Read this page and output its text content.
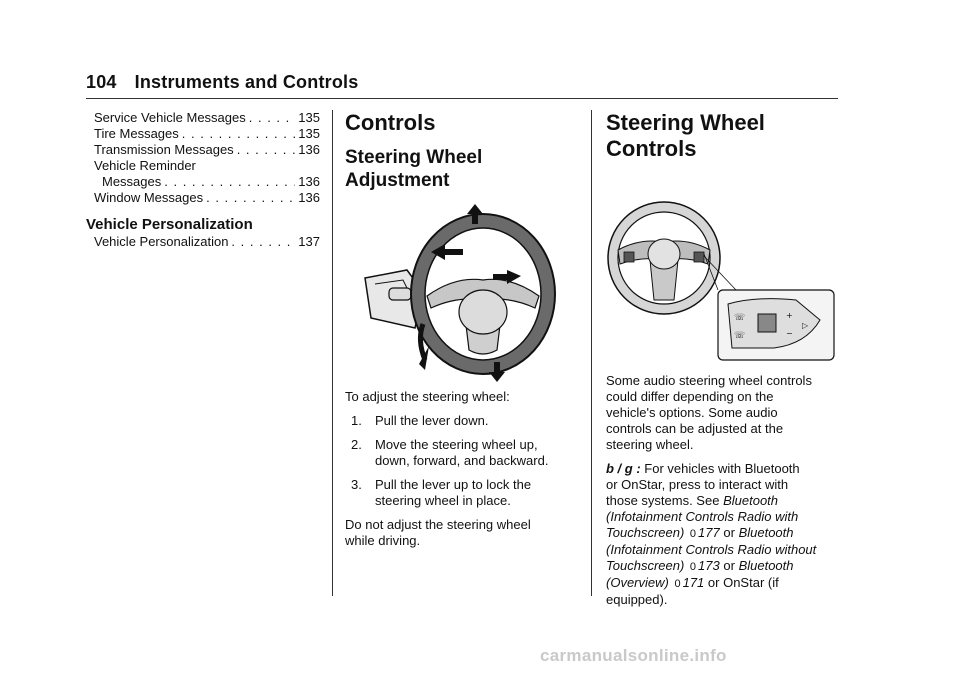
104 Instruments and Controls
Service Vehicle Messages . . .	135
Tire Messages . . .	135
Transmission Messages . . .	136
Vehicle Reminder
Messages . . .	136
Window Messages . . .	136
Vehicle Personalization
Vehicle Personalization . . .	137
Controls
Steering Wheel
Adjustment

To adjust the steering wheel:

1.	Pull the lever down.
2.	Move the steering wheel up,
down, forward, and backward.
3.	Pull the lever up to lock the
steering wheel in place.

Do not adjust the steering wheel
while driving.

Steering Wheel Controls
☏
☏
+
−
▷

Some audio steering wheel controls
could differ depending on the
vehicle's options. Some audio
controls can be adjusted at the
steering wheel.

b / g : For vehicles with Bluetooth
or OnStar, press to interact with
those systems. See Bluetooth
(Infotainment Controls Radio with
Touchscreen) 0 177 or Bluetooth
(Infotainment Controls Radio without
Touchscreen) 0 173 or Bluetooth
(Overview) 0 171 or OnStar (if
equipped).

carmanualsonline.info
